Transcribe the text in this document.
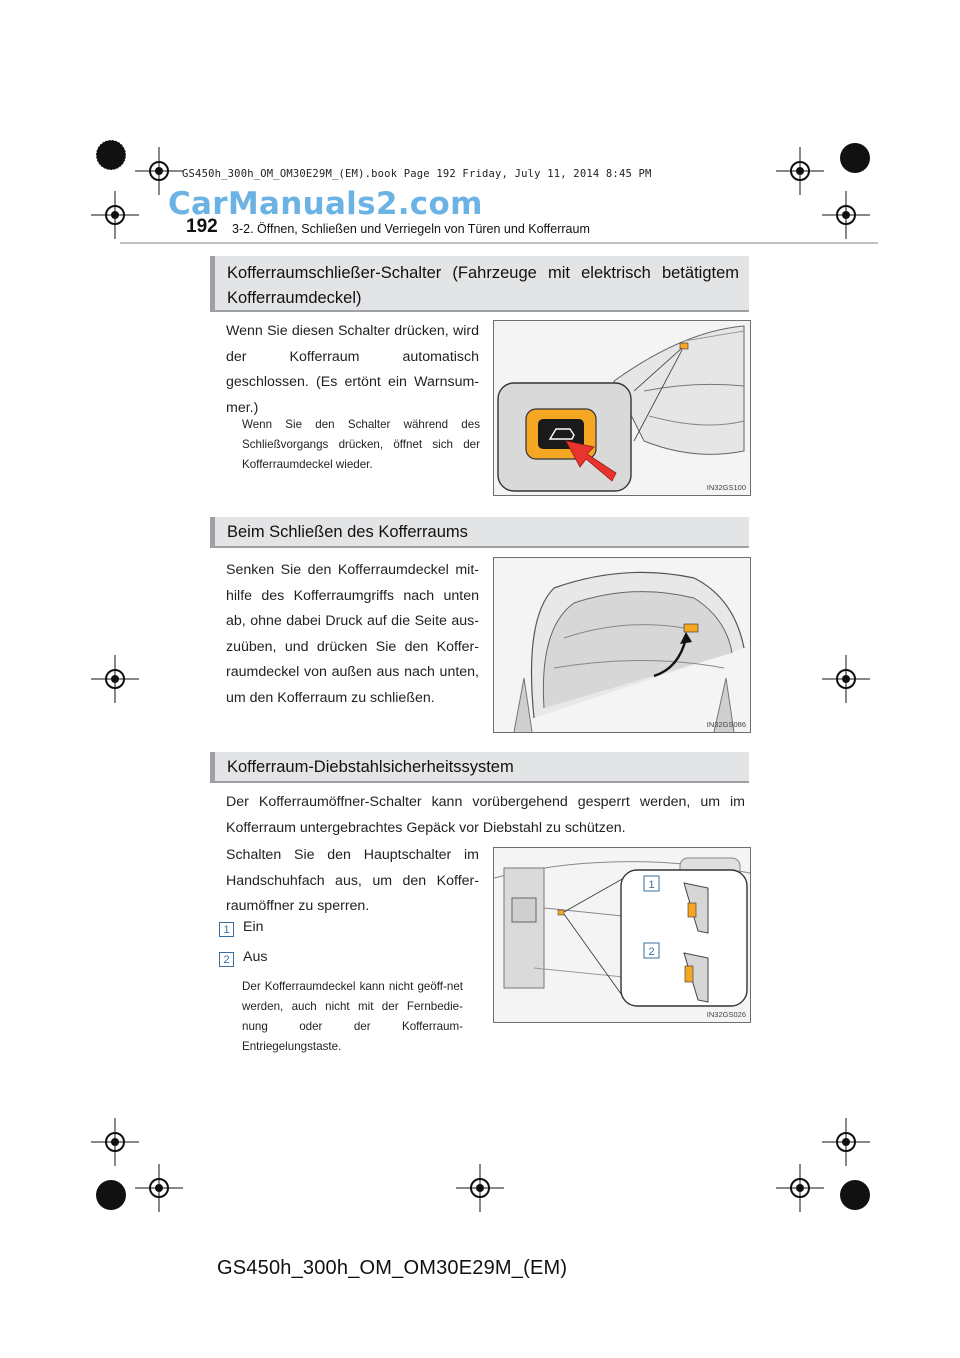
GS450h_300h_OM_OM30E29M_(EM).book Page 192 Friday, July 11, 2014 8:45 PM
CarManuals2.com
192 3-2. Öffnen, Schließen und Verriegeln von Türen und Kofferraum
Kofferraumschließer-Schalter (Fahrzeuge mit elektrisch betätigtem Kofferraumdeckel)
Wenn Sie diesen Schalter drücken, wird der Kofferraum automatisch geschlossen. (Es ertönt ein Warnsum-mer.)
Wenn Sie den Schalter während des Schließvorgangs drücken, öffnet sich der Kofferraumdeckel wieder.
IN32GS100
Beim Schließen des Kofferraums
Senken Sie den Kofferraumdeckel mit-hilfe des Kofferraumgriffs nach unten ab, ohne dabei Druck auf die Seite aus-zuüben, und drücken Sie den Koffer-raumdeckel von außen aus nach unten, um den Kofferraum zu schließen.
IN32GS086
Kofferraum-Diebstahlsicherheitssystem
Der Kofferraumöffner-Schalter kann vorübergehend gesperrt werden, um im Kofferraum untergebrachtes Gepäck vor Diebstahl zu schützen.
Schalten Sie den Hauptschalter im Handschuhfach aus, um den Koffer-raumöffner zu sperren.
1 Ein
2 Aus
Der Kofferraumdeckel kann nicht geöff-net werden, auch nicht mit der Fernbedie-nung oder der Kofferraum-Entriegelungstaste.
1
2
IN32GS026
GS450h_300h_OM_OM30E29M_(EM)
